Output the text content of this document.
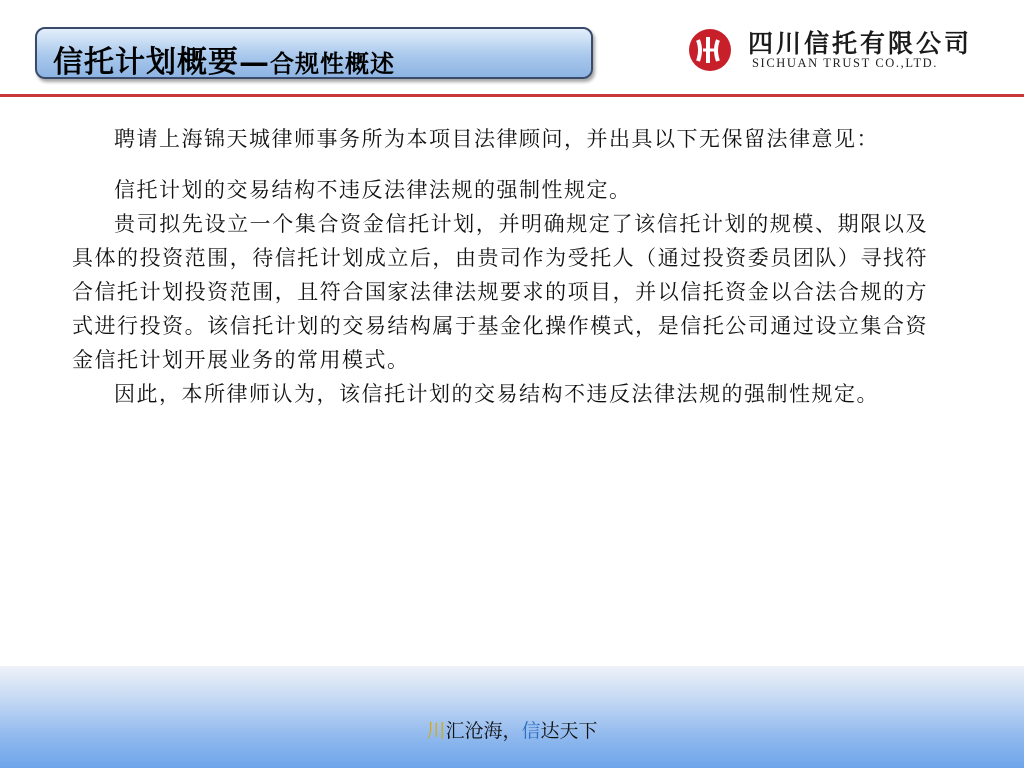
信托计划概要—合规性概述
四川信托有限公司
SICHUAN TRUST CO.,LTD.

聘请上海锦天城律师事务所为本项目法律顾问，并出具以下无保留法律意见：

信托计划的交易结构不违反法律法规的强制性规定。

贵司拟先设立一个集合资金信托计划，并明确规定了该信托计划的规模、期限以及具体的投资范围，待信托计划成立后，由贵司作为受托人（通过投资委员团队）寻找符合信托计划投资范围，且符合国家法律法规要求的项目，并以信托资金以合法合规的方式进行投资。该信托计划的交易结构属于基金化操作模式，是信托公司通过设立集合资金信托计划开展业务的常用模式。

因此，本所律师认为，该信托计划的交易结构不违反法律法规的强制性规定。

川汇沧海，信达天下
